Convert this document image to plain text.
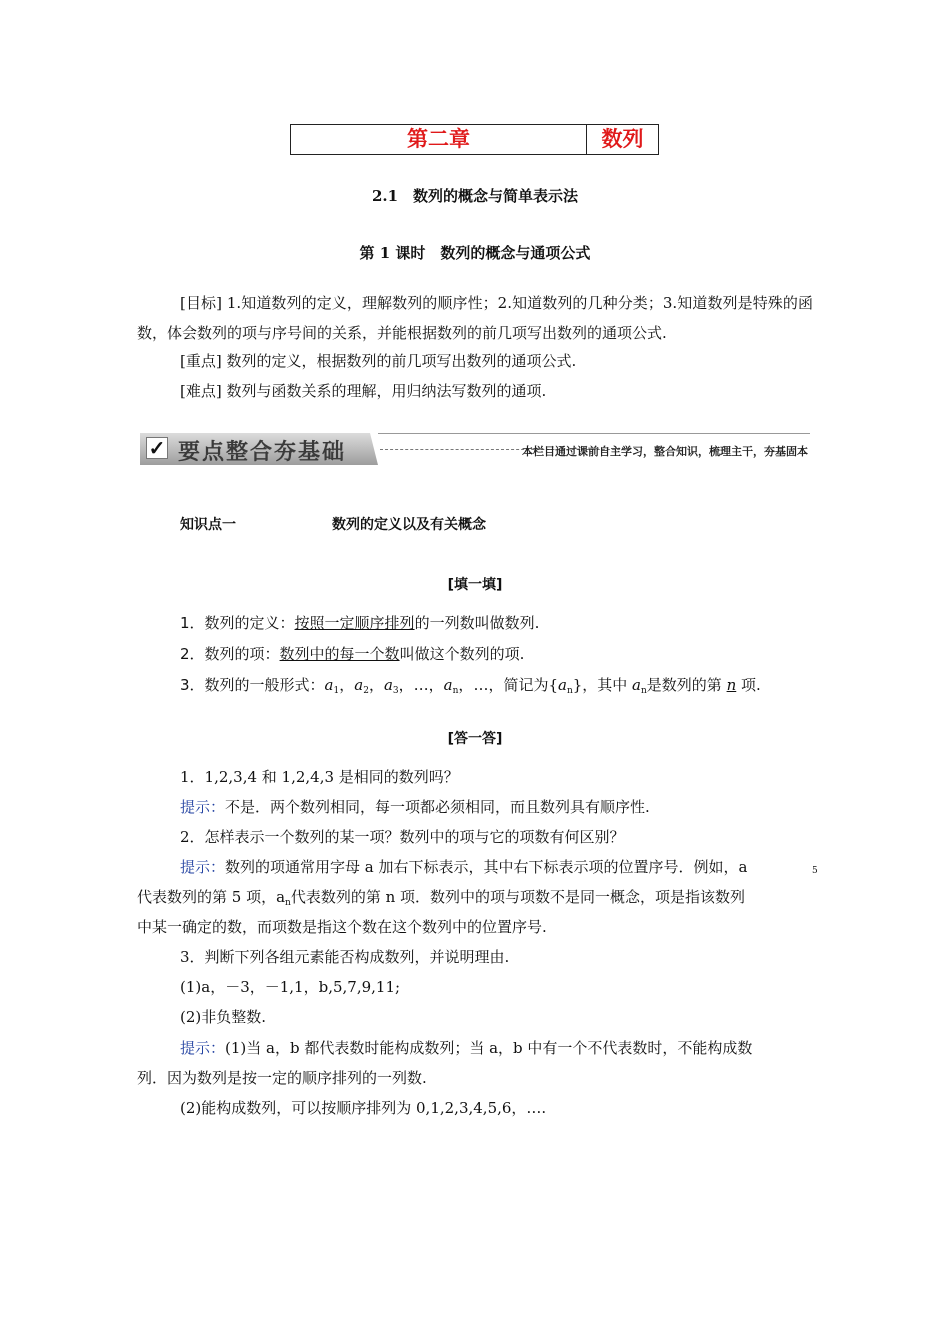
第二章	数列
2.1　数列的概念与简单表示法
第 1 课时　数列的概念与通项公式
[目标] 1.知道数列的定义，理解数列的顺序性；2.知道数列的几种分类；3.知道数列是特殊的函数，体会数列的项与序号间的关系，并能根据数列的前几项写出数列的通项公式.
[重点] 数列的定义，根据数列的前几项写出数列的通项公式.
[难点] 数列与函数关系的理解，用归纳法写数列的通项.
✓ 要点整合夯基础	本栏目通过课前自主学习，整合知识，梳理主干，夯基固本
知识点一	数列的定义以及有关概念
[填一填]
1．数列的定义：按照一定顺序排列的一列数叫做数列.
2．数列的项：数列中的每一个数叫做这个数列的项.
3．数列的一般形式：$a_1$，$a_2$，$a_3$，…，$a_n$，…，简记为$\{a_n\}$，其中 $a_n$是数列的第 n 项.
[答一答]
1．1,2,3,4 和 1,2,4,3 是相同的数列吗？
提示：不是．两个数列相同，每一项都必须相同，而且数列具有顺序性.
2．怎样表示一个数列的某一项？数列中的项与它的项数有何区别？
提示：数列的项通常用字母 a 加右下标表示，其中右下标表示项的位置序号．例如，a	$_5$
代表数列的第 5 项，$a_n$代表数列的第 n 项．数列中的项与项数不是同一概念，项是指该数列
中某一确定的数，而项数是指这个数在这个数列中的位置序号.
3．判断下列各组元素能否构成数列，并说明理由.
(1)a，－3，－1,1，b,5,7,9,11;
(2)非负整数.
提示：(1)当 a，b 都代表数时能构成数列；当 a，b 中有一个不代表数时，不能构成数
列．因为数列是按一定的顺序排列的一列数.
(2)能构成数列，可以按顺序排列为 0,1,2,3,4,5,6，….
